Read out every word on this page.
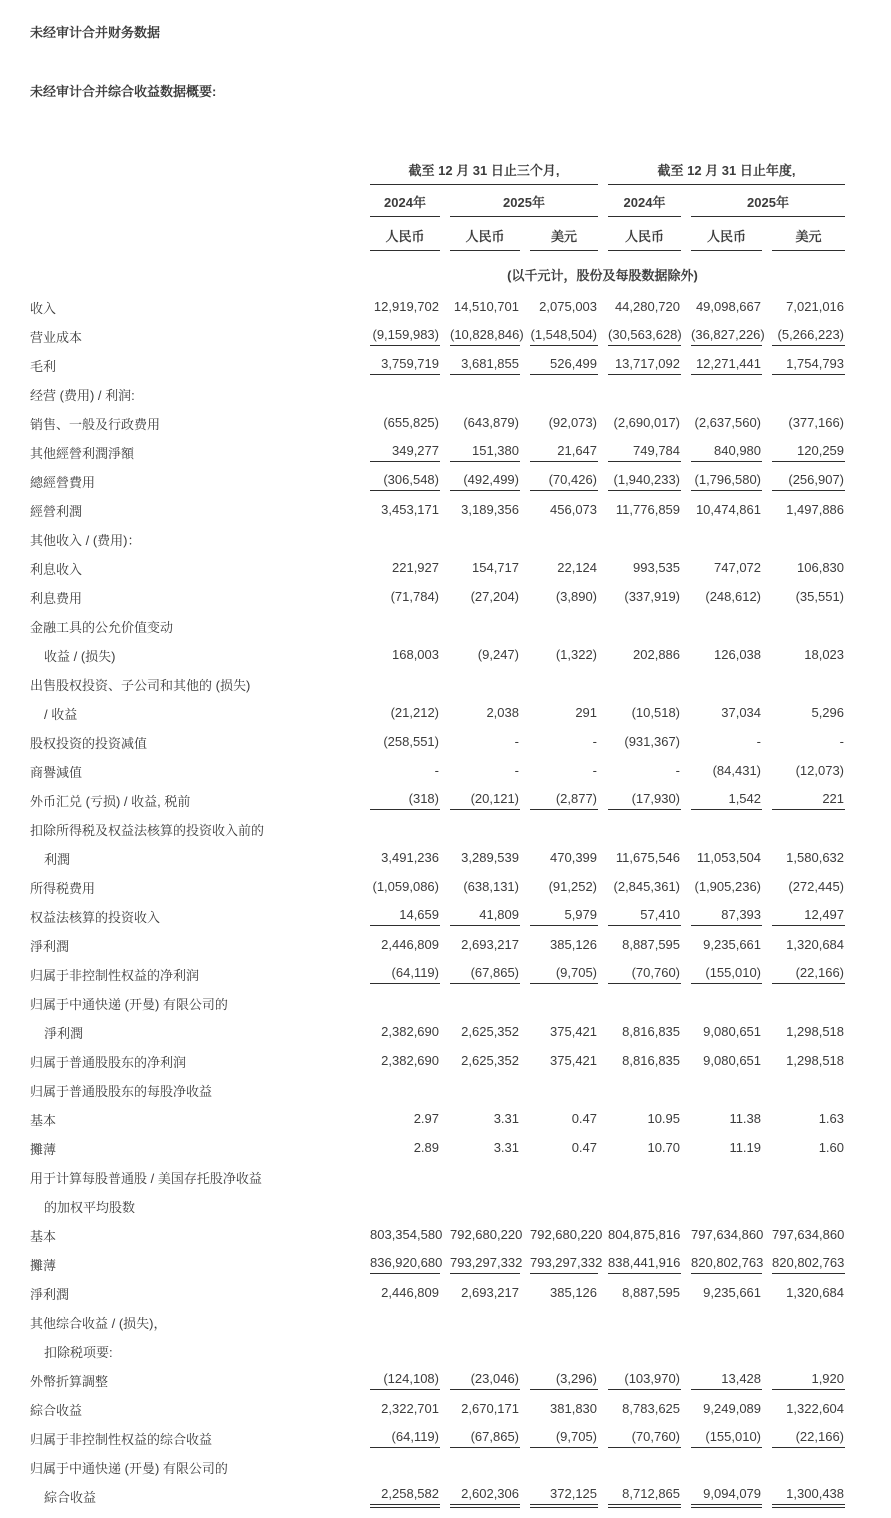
未经审计合并财务数据
未经审计合并综合收益数据概要:

	截至 12 月 31 日止三个月,			截至 12 月 31 日止年度,		

	2024年	2025年		2024年	2025年	

	人民币	人民币	美元	人民币	人民币	美元

	(以千元计，股份及每股数据除外)					
收入	12,919,702	14,510,701	2,075,003	44,280,720	49,098,667	7,021,016

营业成本	(9,159,983)	(10,828,846)	(1,548,504)	(30,563,628)	(36,827,226)	(5,266,223)

毛利	3,759,719	3,681,855	526,499	13,717,092	12,271,441	1,754,793

经营 (费用) / 利润:	

销售、一般及行政费用	(655,825)	(643,879)	(92,073)	(2,690,017)	(2,637,560)	(377,166)

其他經營利潤淨額	349,277	151,380	21,647	749,784	840,980	120,259

總經營費用	(306,548)	(492,499)	(70,426)	(1,940,233)	(1,796,580)	(256,907)

經營利潤	3,453,171	3,189,356	456,073	11,776,859	10,474,861	1,497,886

其他收入 / (费用)：	

利息收入	221,927	154,717	22,124	993,535	747,072	106,830

利息费用	(71,784)	(27,204)	(3,890)	(337,919)	(248,612)	(35,551)

金融工具的公允价值变动	

收益 / (损失)	168,003	(9,247)	(1,322)	202,886	126,038	18,023

出售股权投资、子公司和其他的 (损失)	

/ 收益	(21,212)	2,038	291	(10,518)	37,034	5,296

股权投资的投资减值	(258,551)	-	-	(931,367)	-	-

商譽減值	-	-	-	-	(84,431)	(12,073)

外币汇兑 (亏损) / 收益, 税前	(318)	(20,121)	(2,877)	(17,930)	1,542	221

扣除所得税及权益法核算的投资收入前的	

利潤	3,491,236	3,289,539	470,399	11,675,546	11,053,504	1,580,632

所得税费用	(1,059,086)	(638,131)	(91,252)	(2,845,361)	(1,905,236)	(272,445)

权益法核算的投资收入	14,659	41,809	5,979	57,410	87,393	12,497

淨利潤	2,446,809	2,693,217	385,126	8,887,595	9,235,661	1,320,684

归属于非控制性权益的净利润	(64,119)	(67,865)	(9,705)	(70,760)	(155,010)	(22,166)

归属于中通快递 (开曼) 有限公司的	

淨利潤	2,382,690	2,625,352	375,421	8,816,835	9,080,651	1,298,518

归属于普通股股东的净利润	2,382,690	2,625,352	375,421	8,816,835	9,080,651	1,298,518

归属于普通股股东的每股净收益	

基本	2.97	3.31	0.47	10.95	11.38	1.63

攤薄	2.89	3.31	0.47	10.70	11.19	1.60

用于计算每股普通股 / 美国存托股净收益	

的加权平均股数	

基本	803,354,580	792,680,220	792,680,220	804,875,816	797,634,860	797,634,860

攤薄	836,920,680	793,297,332	793,297,332	838,441,916	820,802,763	820,802,763

淨利潤	2,446,809	2,693,217	385,126	8,887,595	9,235,661	1,320,684

其他综合收益 / (损失)，	

扣除税项要:	

外幣折算調整	(124,108)	(23,046)	(3,296)	(103,970)	13,428	1,920

綜合收益	2,322,701	2,670,171	381,830	8,783,625	9,249,089	1,322,604

归属于非控制性权益的综合收益	(64,119)	(67,865)	(9,705)	(70,760)	(155,010)	(22,166)

归属于中通快递 (开曼) 有限公司的	

綜合收益	2,258,582	2,602,306	372,125	8,712,865	9,094,079	1,300,438
